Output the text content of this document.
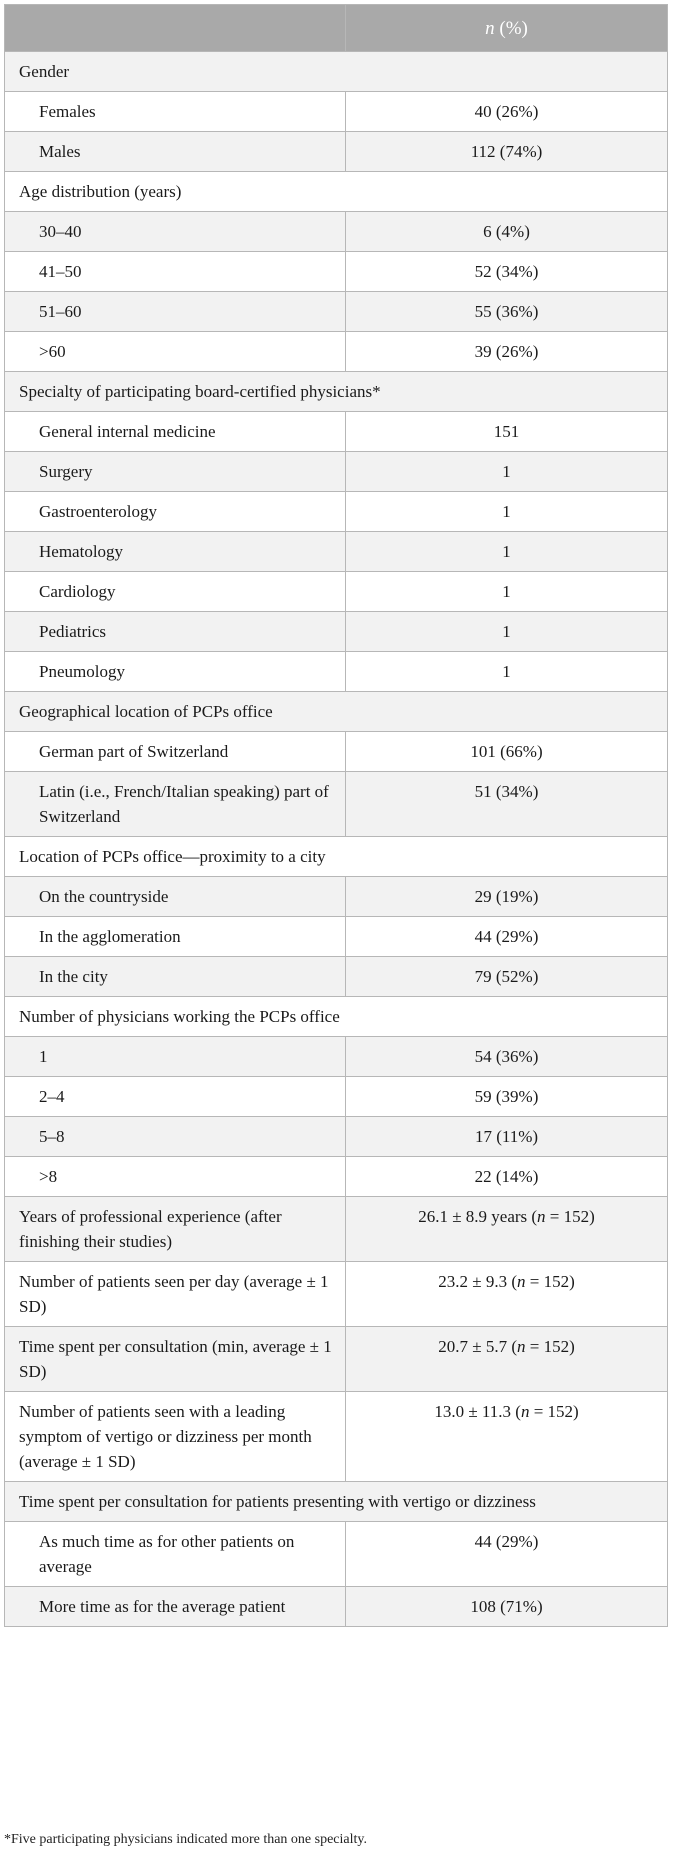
	n (%)
Gender	
Females	40 (26%)
Males	112 (74%)
Age distribution (years)	
30–40	6 (4%)
41–50	52 (34%)
51–60	55 (36%)
>60	39 (26%)
Specialty of participating board-certified physicians*	
General internal medicine	151
Surgery	1
Gastroenterology	1
Hematology	1
Cardiology	1
Pediatrics	1
Pneumology	1
Geographical location of PCPs office	
German part of Switzerland	101 (66%)
Latin (i.e., French/Italian speaking) part of Switzerland	51 (34%)
Location of PCPs office—proximity to a city	
On the countryside	29 (19%)
In the agglomeration	44 (29%)
In the city	79 (52%)
Number of physicians working the PCPs office	
1	54 (36%)
2–4	59 (39%)
5–8	17 (11%)
>8	22 (14%)
Years of professional experience (after finishing their studies)	26.1 ± 8.9 years (n = 152)
Number of patients seen per day (average ± 1 SD)	23.2 ± 9.3 (n = 152)
Time spent per consultation (min, average ± 1 SD)	20.7 ± 5.7 (n = 152)
Number of patients seen with a leading symptom of vertigo or dizziness per month (average ± 1 SD)	13.0 ± 11.3 (n = 152)
Time spent per consultation for patients presenting with vertigo or dizziness	
As much time as for other patients on average	44 (29%)
More time as for the average patient	108 (71%)
*Five participating physicians indicated more than one specialty.
